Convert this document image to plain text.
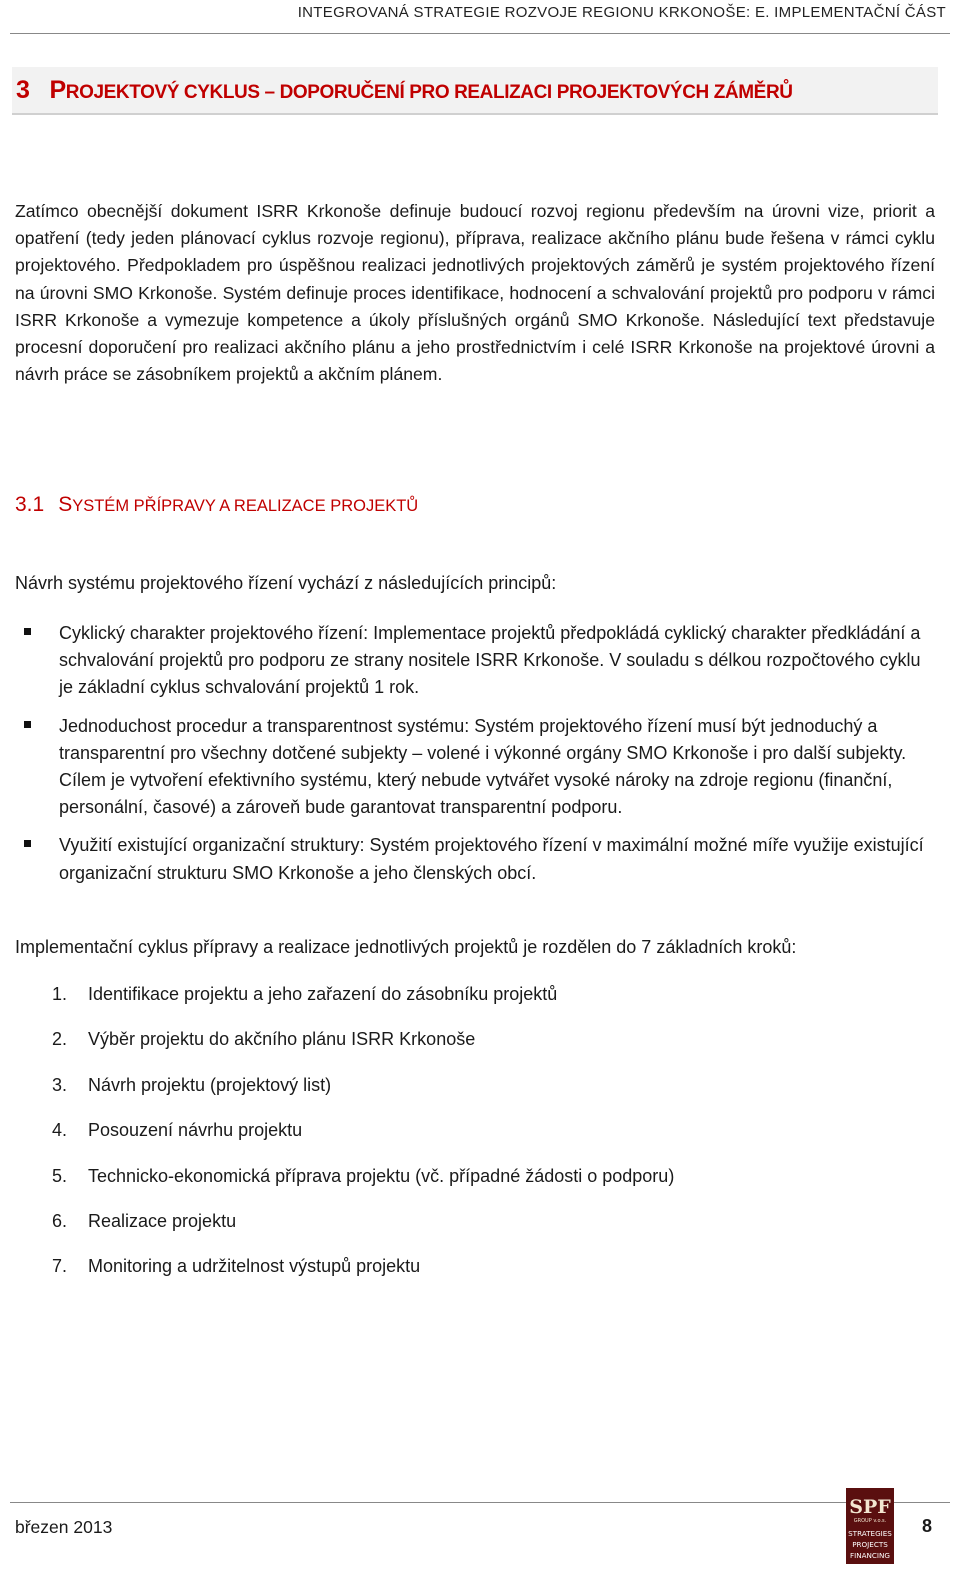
INTEGROVANÁ STRATEGIE ROZVOJE REGIONU KRKONOŠE: E. IMPLEMENTAČNÍ ČÁST
3 PROJEKTOVÝ CYKLUS – DOPORUČENÍ PRO REALIZACI PROJEKTOVÝCH ZÁMĚRŮ
Zatímco obecnější dokument ISRR Krkonoše definuje budoucí rozvoj regionu především na úrovni vize, priorit a opatření (tedy jeden plánovací cyklus rozvoje regionu), příprava, realizace akčního plánu bude řešena v rámci cyklu projektového. Předpokladem pro úspěšnou realizaci jednotlivých projektových záměrů je systém projektového řízení na úrovni SMO Krkonoše. Systém definuje proces identifikace, hodnocení a schvalování projektů pro podporu v rámci ISRR Krkonoše a vymezuje kompetence a úkoly příslušných orgánů SMO Krkonoše. Následující text představuje procesní doporučení pro realizaci akčního plánu a jeho prostřednictvím i celé ISRR Krkonoše na projektové úrovni a návrh práce se zásobníkem projektů a akčním plánem.
3.1 SYSTÉM PŘÍPRAVY A REALIZACE PROJEKTŮ
Návrh systému projektového řízení vychází z následujících principů:
Cyklický charakter projektového řízení: Implementace projektů předpokládá cyklický charakter předkládání a schvalování projektů pro podporu ze strany nositele ISRR Krkonoše. V souladu s délkou rozpočtového cyklu je základní cyklus schvalování projektů 1 rok.
Jednoduchost procedur a transparentnost systému: Systém projektového řízení musí být jednoduchý a transparentní pro všechny dotčené subjekty – volené i výkonné orgány SMO Krkonoše i pro další subjekty. Cílem je vytvoření efektivního systému, který nebude vytvářet vysoké nároky na zdroje regionu (finanční, personální, časové) a zároveň bude garantovat transparentní podporu.
Využití existující organizační struktury: Systém projektového řízení v maximální možné míře využije existující organizační strukturu SMO Krkonoše a jeho členských obcí.
Implementační cyklus přípravy a realizace jednotlivých projektů je rozdělen do 7 základních kroků:
1. Identifikace projektu a jeho zařazení do zásobníku projektů
2. Výběr projektu do akčního plánu ISRR Krkonoše
3. Návrh projektu (projektový list)
4. Posouzení návrhu projektu
5. Technicko-ekonomická příprava projektu (vč. případné žádosti o podporu)
6. Realizace projektu
7. Monitoring a udržitelnost výstupů projektu
březen 2013
SPF
GROUP v.o.s.
STRATEGIES
PROJECTS
FINANCING
8
